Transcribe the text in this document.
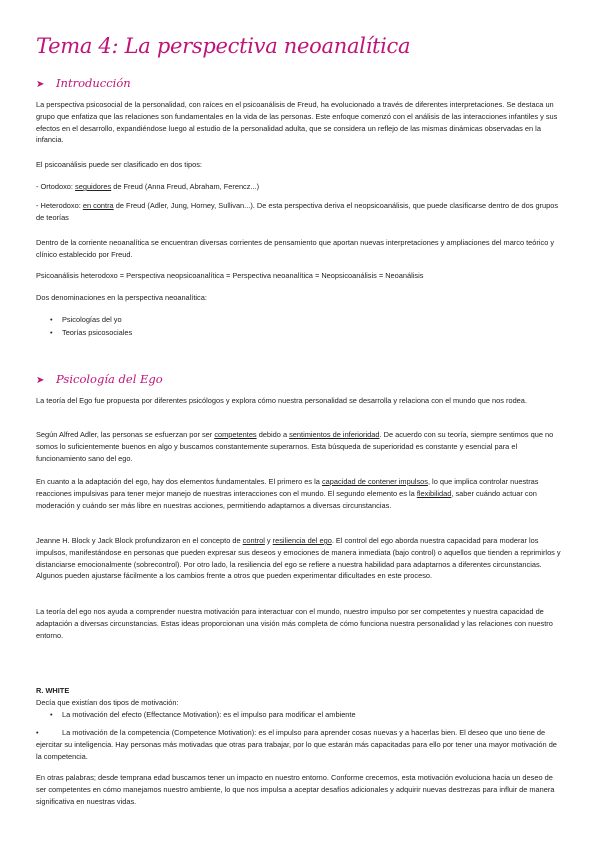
Tema 4: La perspectiva neoanalítica
➤ Introducción
La perspectiva psicosocial de la personalidad, con raíces en el psicoanálisis de Freud, ha evolucionado a través de diferentes interpretaciones. Se destaca un grupo que enfatiza que las relaciones son fundamentales en la vida de las personas. Este enfoque comenzó con el análisis de las interacciones infantiles y sus efectos en el desarrollo, expandiéndose luego al estudio de la personalidad adulta, que se considera un reflejo de las mismas dinámicas observadas en la infancia.
El psicoanálisis puede ser clasificado en dos tipos:
- Ortodoxo: seguidores de Freud (Anna Freud, Abraham, Ferencz...)
- Heterodoxo: en contra de Freud (Adler, Jung, Horney, Sullivan...). De esta perspectiva deriva el neopsicoanálisis, que puede clasificarse dentro de dos grupos de teorías
Dentro de la corriente neoanalítica se encuentran diversas corrientes de pensamiento que aportan nuevas interpretaciones y ampliaciones del marco teórico y clínico establecido por Freud.
Psicoanálisis heterodoxo = Perspectiva neopsicoanalítica = Perspectiva neoanalítica = Neopsicoanálisis = Neoanálisis
Dos denominaciones en la perspectiva neoanalítica:
• Psicologías del yo
• Teorías psicosociales
➤ Psicología del Ego
La teoría del Ego fue propuesta por diferentes psicólogos y explora cómo nuestra personalidad se desarrolla y relaciona con el mundo que nos rodea.
Según Alfred Adler, las personas se esfuerzan por ser competentes debido a sentimientos de inferioridad. De acuerdo con su teoría, siempre sentimos que no somos lo suficientemente buenos en algo y buscamos constantemente superarnos. Esta búsqueda de superioridad es constante y esencial para el funcionamiento sano del ego.
En cuanto a la adaptación del ego, hay dos elementos fundamentales. El primero es la capacidad de contener impulsos, lo que implica controlar nuestras reacciones impulsivas para tener mejor manejo de nuestras interacciones con el mundo. El segundo elemento es la flexibilidad, saber cuándo actuar con moderación y cuándo ser más libre en nuestras acciones, permitiendo adaptarnos a diversas circunstancias.
Jeanne H. Block y Jack Block profundizaron en el concepto de control y resiliencia del ego. El control del ego aborda nuestra capacidad para moderar los impulsos, manifestándose en personas que pueden expresar sus deseos y emociones de manera inmediata (bajo control) o aquellos que tienden a reprimirlos y distanciarse emocionalmente (sobrecontrol). Por otro lado, la resiliencia del ego se refiere a nuestra habilidad para adaptarnos a diferentes circunstancias. Algunos pueden ajustarse fácilmente a los cambios frente a otros que pueden experimentar dificultades en este proceso.
La teoría del ego nos ayuda a comprender nuestra motivación para interactuar con el mundo, nuestro impulso por ser competentes y nuestra capacidad de adaptación a diversas circunstancias. Estas ideas proporcionan una visión más completa de cómo funciona nuestra personalidad y las relaciones con nuestro entorno.
R. WHITE
Decía que existían dos tipos de motivación:
• La motivación del efecto (Effectance Motivation): es el impulso para modificar el ambiente
•	La motivación de la competencia (Competence Motivation): es el impulso para aprender cosas nuevas y a hacerlas bien. El deseo que uno tiene de ejercitar su inteligencia. Hay personas más motivadas que otras para trabajar, por lo que estarán más capacitadas para ello por tener una mayor motivación de la competencia.
En otras palabras; desde temprana edad buscamos tener un impacto en nuestro entorno. Conforme crecemos, esta motivación evoluciona hacia un deseo de ser competentes en cómo manejamos nuestro ambiente, lo que nos impulsa a aceptar desafíos adicionales y adquirir nuevas destrezas para influir de manera significativa en nuestras vidas.
